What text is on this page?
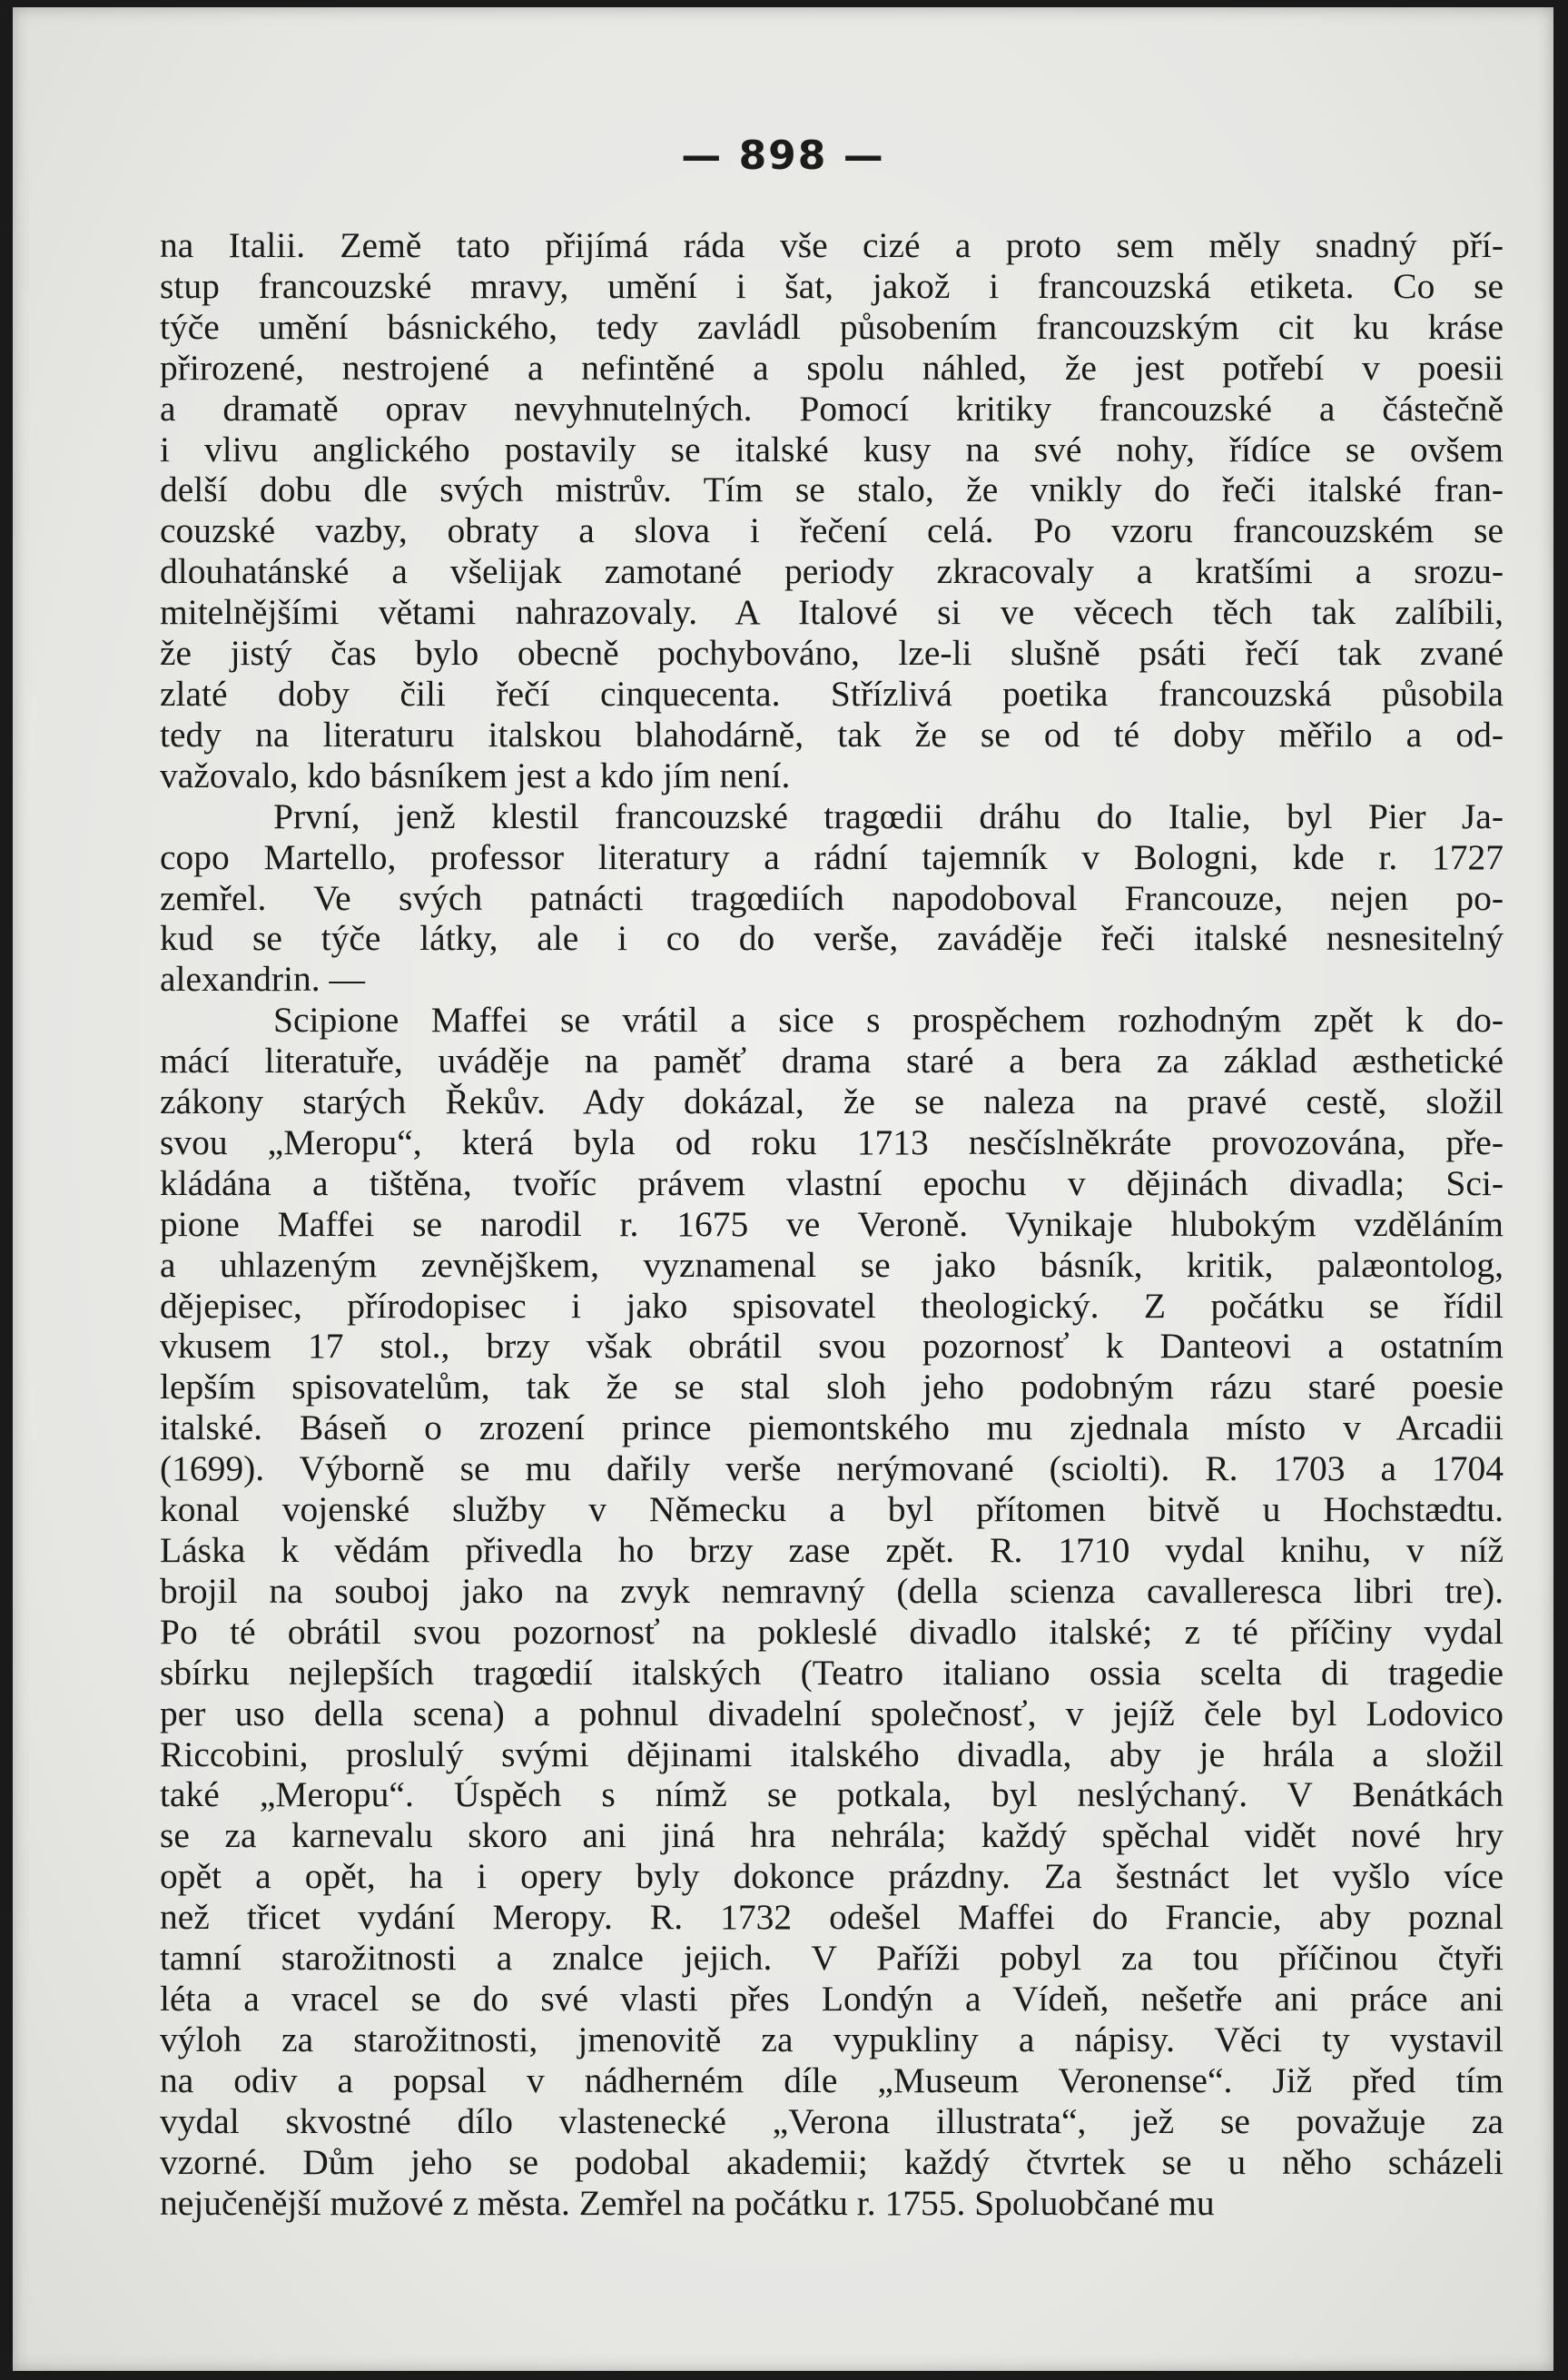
— 898 —
na Italii. Země tato přijímá ráda vše cizé a proto sem měly snadný pří-
stup francouzské mravy, umění i šat, jakož i francouzská etiketa. Co se
týče umění básnického, tedy zavládl působením francouzským cit ku kráse
přirozené, nestrojené a nefintěné a spolu náhled, že jest potřebí v poesii
a dramatě oprav nevyhnutelných. Pomocí kritiky francouzské a částečně
i vlivu anglického postavily se italské kusy na své nohy, řídíce se ovšem
delší dobu dle svých mistrův. Tím se stalo, že vnikly do řeči italské fran-
couzské vazby, obraty a slova i řečení celá. Po vzoru francouzském se
dlouhatánské a všelijak zamotané periody zkracovaly a kratšími a srozu-
mitelnějšími větami nahrazovaly. A Italové si ve věcech těch tak zalíbili,
že jistý čas bylo obecně pochybováno, lze-li slušně psáti řečí tak zvané
zlaté doby čili řečí cinquecenta. Střízlivá poetika francouzská působila
tedy na literaturu italskou blahodárně, tak že se od té doby měřilo a od-
važovalo, kdo básníkem jest a kdo jím není.
První, jenž klestil francouzské tragœdii dráhu do Italie, byl Pier Ja-
copo Martello, professor literatury a rádní tajemník v Bologni, kde r. 1727
zemřel. Ve svých patnácti tragœdiích napodoboval Francouze, nejen po-
kud se týče látky, ale i co do verše, zaváděje řeči italské nesnesitelný
alexandrin. —
Scipione Maffei se vrátil a sice s prospěchem rozhodným zpět k do-
mácí literatuře, uváděje na paměť drama staré a bera za základ æsthetické
zákony starých Řekův. Ady dokázal, že se naleza na pravé cestě, složil
svou „Meropu“, která byla od roku 1713 nesčíslněkráte provozována, pře-
kládána a tištěna, tvoříc právem vlastní epochu v dějinách divadla; Sci-
pione Maffei se narodil r. 1675 ve Veroně. Vynikaje hlubokým vzděláním
a uhlazeným zevnějškem, vyznamenal se jako básník, kritik, palæontolog,
dějepisec, přírodopisec i jako spisovatel theologický. Z počátku se řídil
vkusem 17 stol., brzy však obrátil svou pozornosť k Danteovi a ostatním
lepším spisovatelům, tak že se stal sloh jeho podobným rázu staré poesie
italské. Báseň o zrození prince piemontského mu zjednala místo v Arcadii
(1699). Výborně se mu dařily verše nerýmované (sciolti). R. 1703 a 1704
konal vojenské služby v Německu a byl přítomen bitvě u Hochstædtu.
Láska k vědám přivedla ho brzy zase zpět. R. 1710 vydal knihu, v níž
brojil na souboj jako na zvyk nemravný (della scienza cavalleresca libri tre).
Po té obrátil svou pozornosť na pokleslé divadlo italské; z té příčiny vydal
sbírku nejlepších tragœdií italských (Teatro italiano ossia scelta di tragedie
per uso della scena) a pohnul divadelní společnosť, v jejíž čele byl Lodovico
Riccobini, proslulý svými dějinami italského divadla, aby je hrála a složil
také „Meropu“. Úspěch s nímž se potkala, byl neslýchaný. V Benátkách
se za karnevalu skoro ani jiná hra nehrála; každý spěchal vidět nové hry
opět a opět, ha i opery byly dokonce prázdny. Za šestnáct let vyšlo více
než třicet vydání Meropy. R. 1732 odešel Maffei do Francie, aby poznal
tamní starožitnosti a znalce jejich. V Paříži pobyl za tou příčinou čtyři
léta a vracel se do své vlasti přes Londýn a Vídeň, nešetře ani práce ani
výloh za starožitnosti, jmenovitě za vypukliny a nápisy. Věci ty vystavil
na odiv a popsal v nádherném díle „Museum Veronense“. Již před tím
vydal skvostné dílo vlastenecké „Verona illustrata“, jež se považuje za
vzorné. Dům jeho se podobal akademii; každý čtvrtek se u něho scházeli
nejučenější mužové z města. Zemřel na počátku r. 1755. Spoluobčané mu
